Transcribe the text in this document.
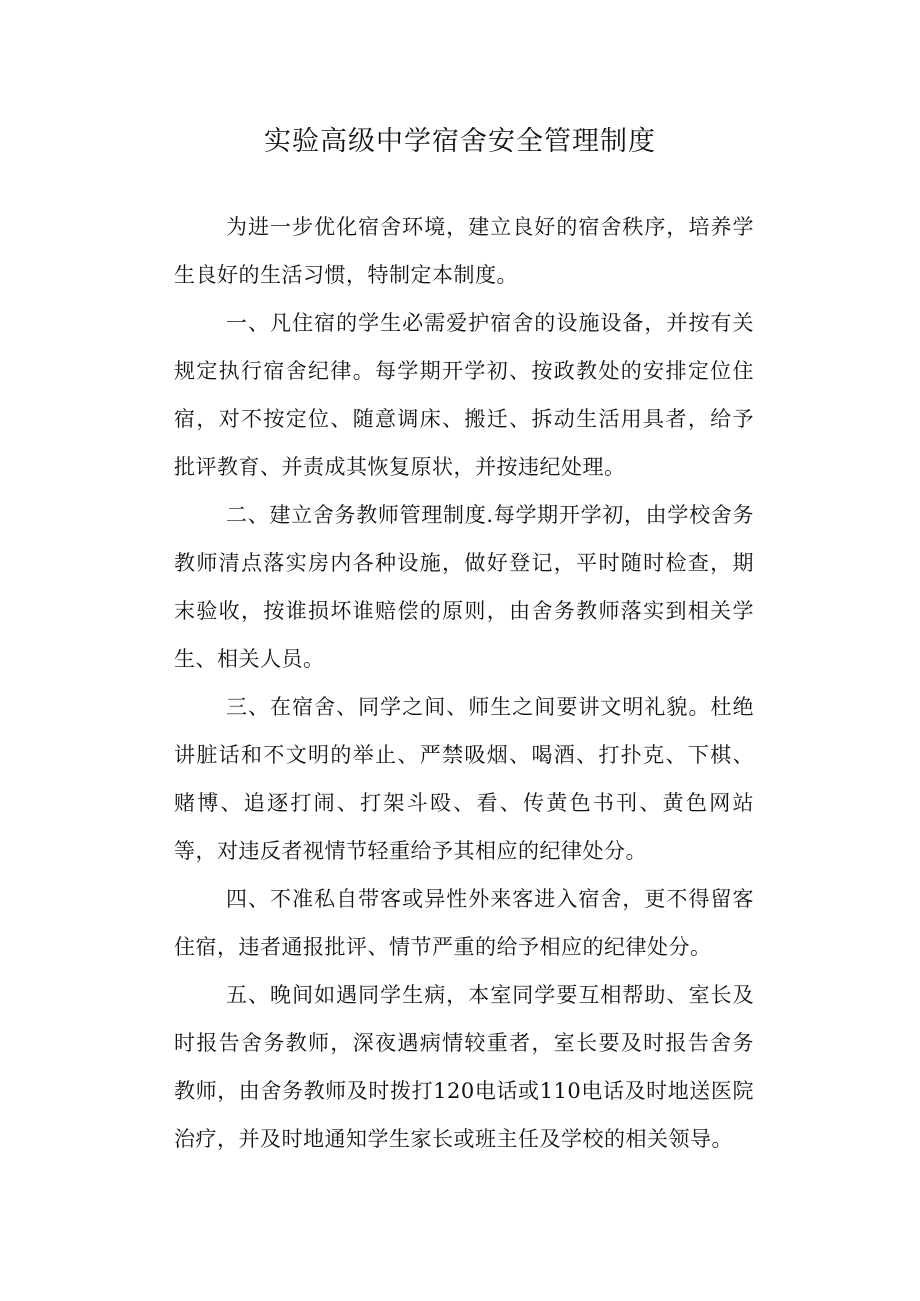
实验高级中学宿舍安全管理制度

为进一步优化宿舍环境，建立良好的宿舍秩序，培养学生良好的生活习惯，特制定本制度。

一、凡住宿的学生必需爱护宿舍的设施设备，并按有关规定执行宿舍纪律。每学期开学初、按政教处的安排定位住宿，对不按定位、随意调床、搬迁、拆动生活用具者，给予批评教育、并责成其恢复原状，并按违纪处理。

二、建立舍务教师管理制度.每学期开学初，由学校舍务教师清点落实房内各种设施，做好登记，平时随时检查，期末验收，按谁损坏谁赔偿的原则，由舍务教师落实到相关学生、相关人员。

三、在宿舍、同学之间、师生之间要讲文明礼貌。杜绝讲脏话和不文明的举止、严禁吸烟、喝酒、打扑克、下棋、赌博、追逐打闹、打架斗殴、看、传黄色书刊、黄色网站等，对违反者视情节轻重给予其相应的纪律处分。

四、不准私自带客或异性外来客进入宿舍，更不得留客住宿，违者通报批评、情节严重的给予相应的纪律处分。

五、晚间如遇同学生病，本室同学要互相帮助、室长及时报告舍务教师，深夜遇病情较重者，室长要及时报告舍务教师，由舍务教师及时拨打120电话或110电话及时地送医院治疗，并及时地通知学生家长或班主任及学校的相关领导。
